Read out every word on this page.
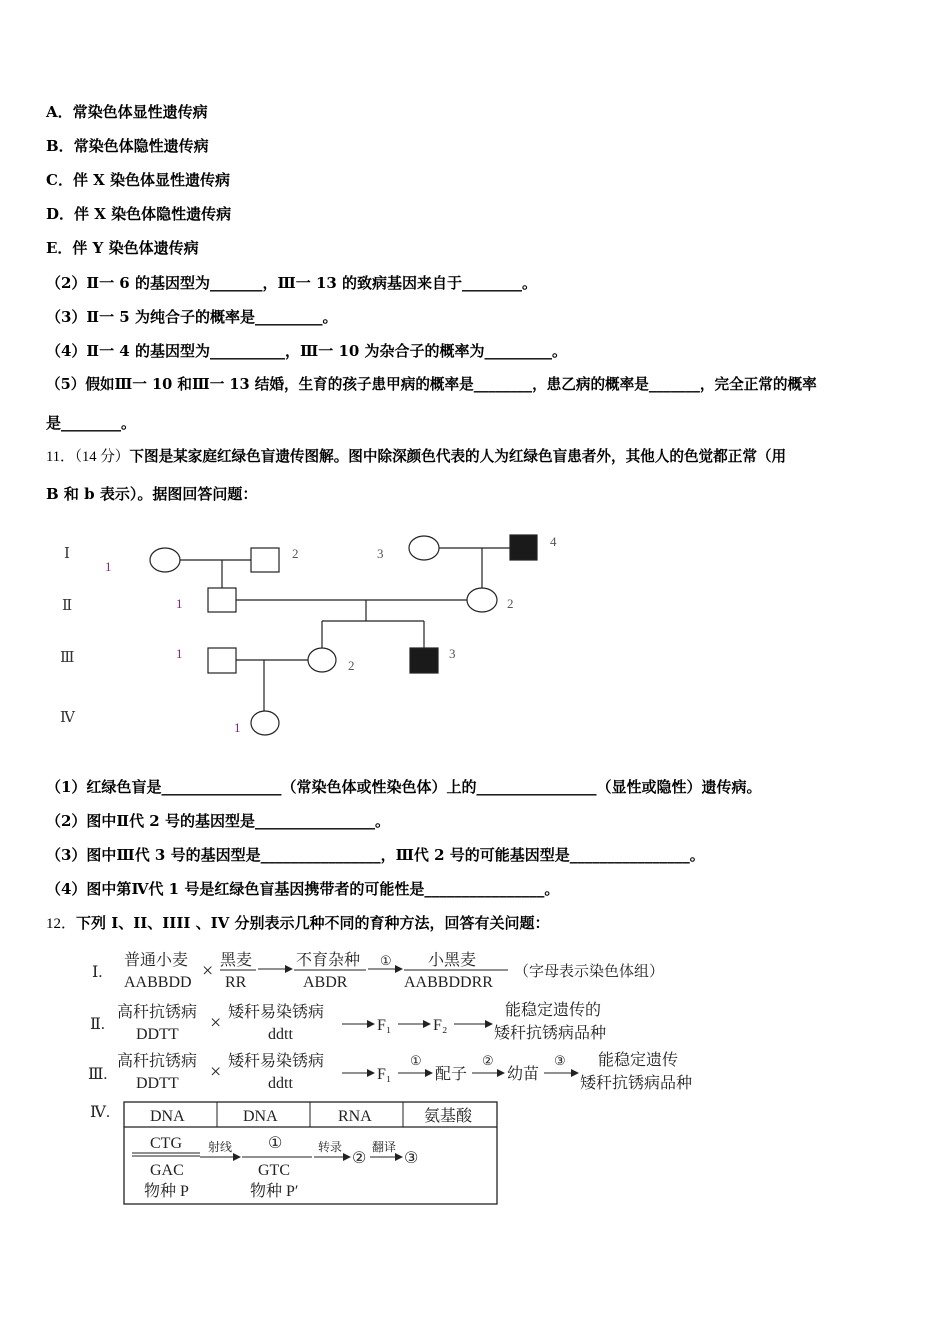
A．常染色体显性遗传病
B．常染色体隐性遗传病
C．伴 X 染色体显性遗传病
D．伴 X 染色体隐性遗传病
E．伴 Y 染色体遗传病
（2）Ⅱ一 6 的基因型为_______，Ⅲ一 13 的致病基因来自于________。
（3）Ⅱ一 5 为纯合子的概率是_________。
（4）Ⅱ一 4 的基因型为__________，Ⅲ一 10 为杂合子的概率为_________。
（5）假如Ⅲ一 10 和Ⅲ一 13 结婚，生育的孩子患甲病的概率是________，患乙病的概率是_______，完全正常的概率
是________。
11．（14 分）下图是某家庭红绿色盲遗传图解。图中除深颜色代表的人为红绿色盲患者外，其他人的色觉都正常（用
B 和 b 表示）。据图回答问题：
Ⅰ
Ⅱ
Ⅲ
Ⅳ
1
2	3
4
1	2
1
2
3
1
（1）红绿色盲是________________（常染色体或性染色体）上的________________（显性或隐性）遗传病。
（2）图中Ⅱ代 2 号的基因型是________________。
（3）图中Ⅲ代 3 号的基因型是________________，Ⅲ代 2 号的可能基因型是________________。
（4）图中第Ⅳ代 1 号是红绿色盲基因携带者的可能性是________________。
12．下列 I、II、IIII 、IV 分别表示几种不同的育种方法，回答有关问题：
Ⅰ.
普通小麦
AABBDD
× 黑麦
RR
不育杂种
ABDR
① 小黑麦
AABBDDRR
（字母表示染色体组）
Ⅱ.
高秆抗锈病
DDTT
× 矮秆易染锈病
ddtt
F₁	F₂
能稳定遗传的
矮秆抗锈病品种
Ⅲ.
高秆抗锈病
DDTT
× 矮秆易染锈病
ddtt
F₁
①
配子
②
幼苗
③ 能稳定遗传
矮秆抗锈病品种
Ⅳ.	DNA	DNA	RNA	氨基酸
CTG
GAC
物种 P
射线 ①
GTC
物种 P′
转录
②
翻译
③
